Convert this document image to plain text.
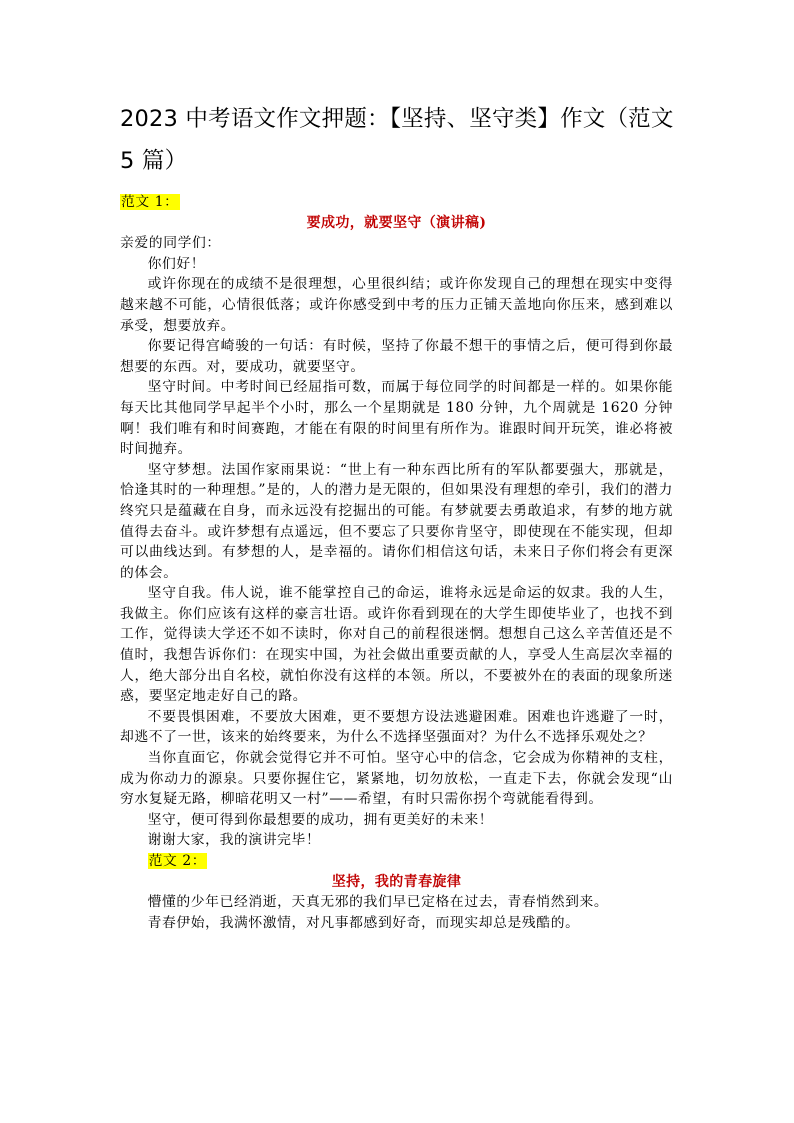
2023 中考语文作文押题：【坚持、坚守类】作文（范文 5 篇）

范文 1：

要成功，就要坚守（演讲稿)

亲爱的同学们：

你们好！

或许你现在的成绩不是很理想，心里很纠结；或许你发现自己的理想在现实中变得越来越不可能，心情很低落；或许你感受到中考的压力正铺天盖地向你压来，感到难以承受，想要放弃。

你要记得宫崎骏的一句话：有时候，坚持了你最不想干的事情之后，便可得到你最想要的东西。对，要成功，就要坚守。

坚守时间。中考时间已经屈指可数，而属于每位同学的时间都是一样的。如果你能每天比其他同学早起半个小时，那么一个星期就是 180 分钟，九个周就是 1620 分钟啊！我们唯有和时间赛跑，才能在有限的时间里有所作为。谁跟时间开玩笑，谁必将被时间抛弃。

坚守梦想。法国作家雨果说：“世上有一种东西比所有的军队都要强大，那就是，恰逢其时的一种理想。”是的，人的潜力是无限的，但如果没有理想的牵引，我们的潜力终究只是蕴藏在自身，而永远没有挖掘出的可能。有梦就要去勇敢追求，有梦的地方就值得去奋斗。或许梦想有点遥远，但不要忘了只要你肯坚守，即使现在不能实现，但却可以曲线达到。有梦想的人，是幸福的。请你们相信这句话，未来日子你们将会有更深的体会。

坚守自我。伟人说，谁不能掌控自己的命运，谁将永远是命运的奴隶。我的人生，我做主。你们应该有这样的豪言壮语。或许你看到现在的大学生即使毕业了，也找不到工作，觉得读大学还不如不读时，你对自己的前程很迷惘。想想自己这么辛苦值还是不值时，我想告诉你们：在现实中国，为社会做出重要贡献的人，享受人生高层次幸福的人，绝大部分出自名校，就怕你没有这样的本领。所以，不要被外在的表面的现象所迷惑，要坚定地走好自己的路。

不要畏惧困难，不要放大困难，更不要想方设法逃避困难。困难也许逃避了一时，却逃不了一世，该来的始终要来，为什么不选择坚强面对？为什么不选择乐观处之？

当你直面它，你就会觉得它并不可怕。坚守心中的信念，它会成为你精神的支柱，成为你动力的源泉。只要你握住它，紧紧地，切勿放松，一直走下去，你就会发现“山穷水复疑无路，柳暗花明又一村”——希望，有时只需你拐个弯就能看得到。

坚守，便可得到你最想要的成功，拥有更美好的未来！

谢谢大家，我的演讲完毕！

范文 2：

坚持，我的青春旋律

懵懂的少年已经消逝，天真无邪的我们早已定格在过去，青春悄然到来。

青春伊始，我满怀激情，对凡事都感到好奇，而现实却总是残酷的。
